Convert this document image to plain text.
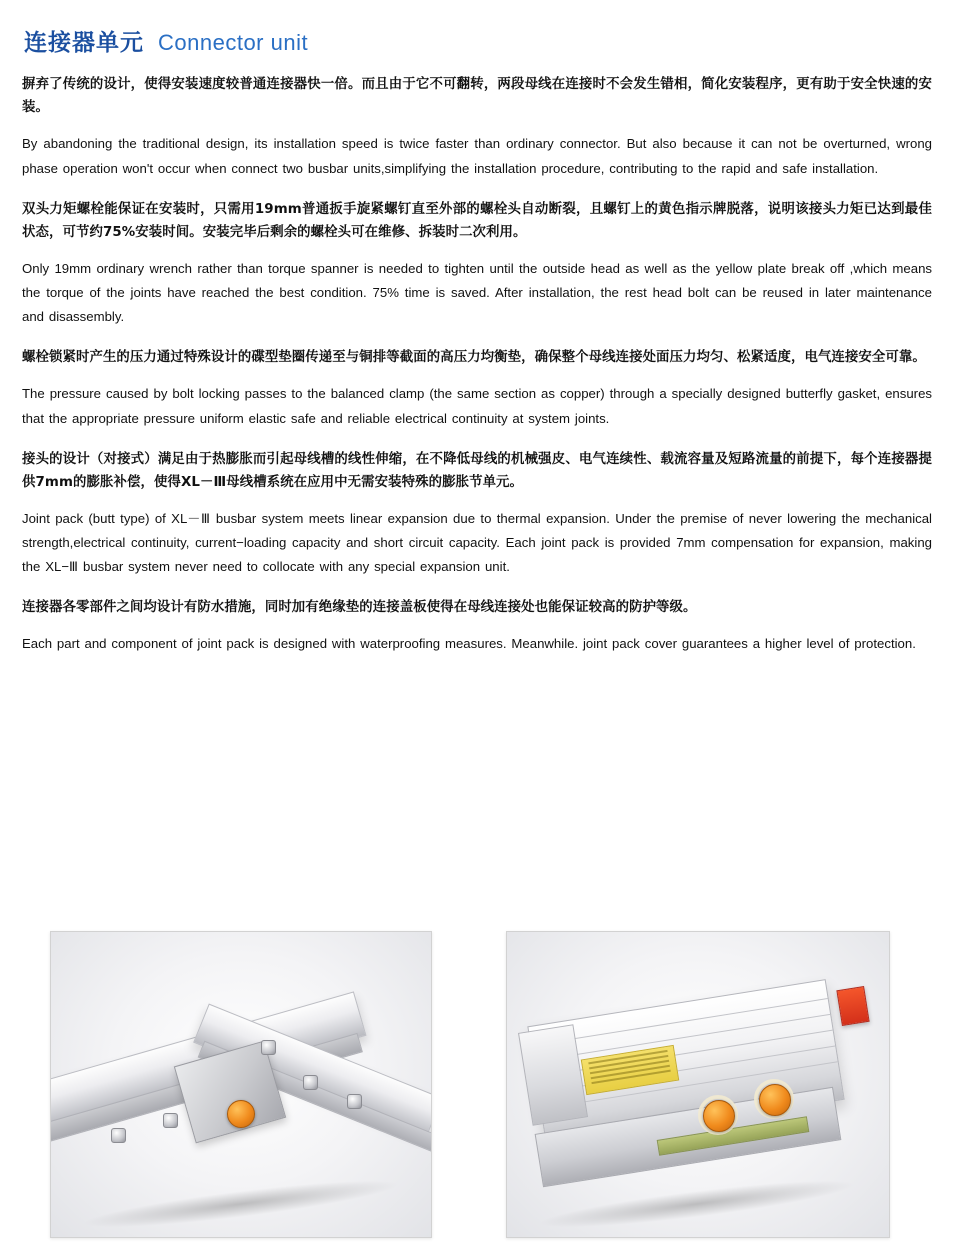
连接器单元 Connector unit

摒弃了传统的设计，使得安装速度较普通连接器快一倍。而且由于它不可翻转，两段母线在连接时不会发生错相，简化安装程序，更有助于安全快速的安装。

By abandoning the traditional design, its installation speed is twice faster than ordinary connector. But also because it can not be overturned, wrong phase operation won't occur when connect two busbar units,simplifying the installation procedure, contributing to the rapid and safe installation.

双头力矩螺栓能保证在安装时，只需用19mm普通扳手旋紧螺钉直至外部的螺栓头自动断裂，且螺钉上的黄色指示牌脱落，说明该接头力矩已达到最佳状态，可节约75%安装时间。安装完毕后剩余的螺栓头可在维修、拆装时二次利用。

Only 19mm ordinary wrench rather than torque spanner is needed to tighten until the outside head as well as the yellow plate break off ,which means the torque of the joints have reached the best condition. 75% time is saved. After installation, the rest head bolt can be reused in later maintenance and disassembly.

螺栓锁紧时产生的压力通过特殊设计的碟型垫圈传递至与铜排等截面的高压力均衡垫，确保整个母线连接处面压力均匀、松紧适度，电气连接安全可靠。

The pressure caused by bolt locking passes to the balanced clamp (the same section as copper) through a specially designed butterfly gasket, ensures that the appropriate pressure uniform elastic safe and reliable electrical continuity at system joints.

接头的设计（对接式）满足由于热膨胀而引起母线槽的线性伸缩，在不降低母线的机械强皮、电气连续性、载流容量及短路流量的前提下，每个连接器提供7mm的膨胀补偿，使得XL－Ⅲ母线槽系统在应用中无需安装特殊的膨胀节单元。

Joint pack (butt type) of XL－Ⅲ busbar system meets linear expansion due to thermal expansion. Under the premise of never lowering the mechanical strength,electrical continuity, current−loading capacity and short circuit capacity. Each joint pack is provided 7mm compensation for expansion, making the XL−Ⅲ busbar system never need to collocate with any special expansion unit.

连接器各零部件之间均设计有防水措施，同时加有绝缘垫的连接盖板使得在母线连接处也能保证较高的防护等级。

Each part and component of joint pack is designed with waterproofing measures. Meanwhile. joint pack cover guarantees a higher level of protection.
